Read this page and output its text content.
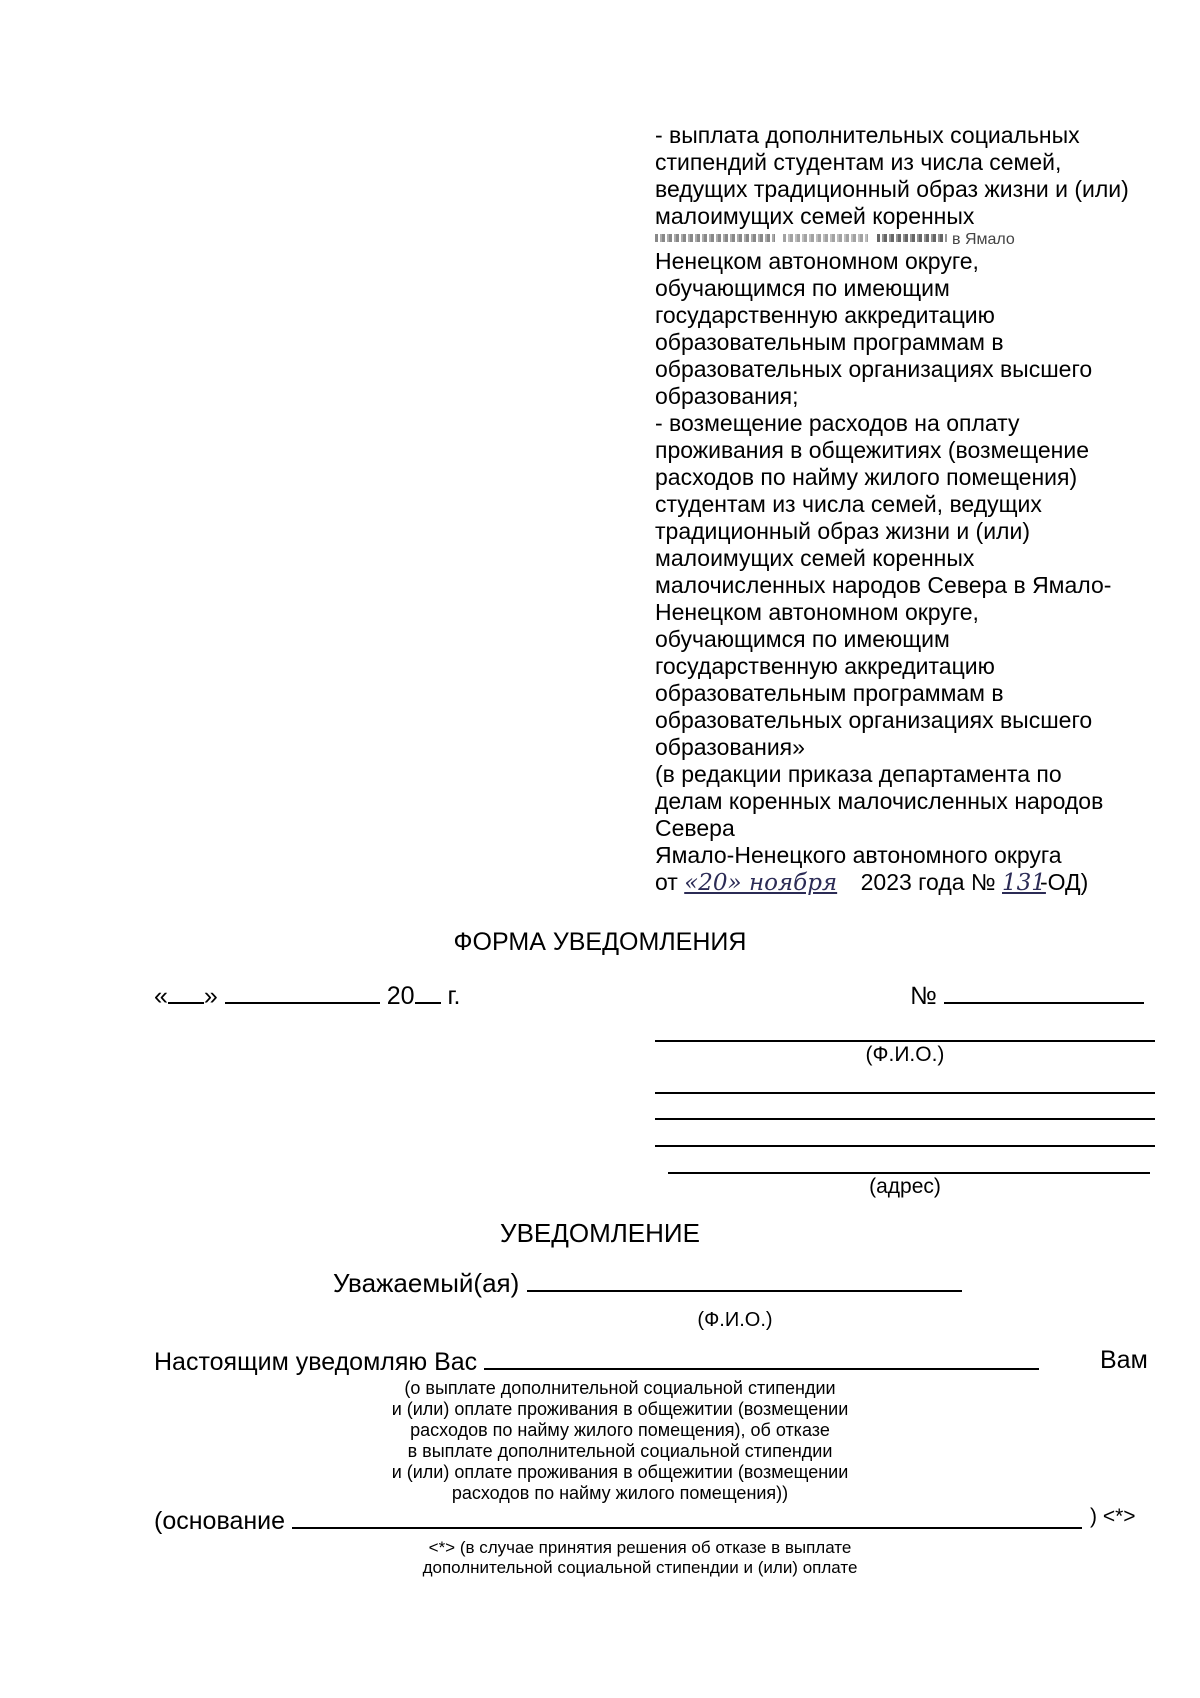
- выплата дополнительных социальных
стипендий студентам из числа семей,
ведущих традиционный образ жизни и (или)
малоимущих семей коренных
в Ямало
Ненецком автономном округе,
обучающимся по имеющим
государственную аккредитацию
образовательным программам в
образовательных организациях высшего
образования;
- возмещение расходов на оплату
проживания в общежитиях (возмещение
расходов по найму жилого помещения)
студентам из числа семей, ведущих
традиционный образ жизни и (или)
малоимущих семей коренных
малочисленных народов Севера в Ямало-
Ненецком автономном округе,
обучающимся по имеющим
государственную аккредитацию
образовательным программам в
образовательных организациях высшего
образования»
(в редакции приказа департамента по
делам коренных малочисленных народов
Севера
Ямало-Ненецкого автономного округа
от «20» ноября 2023 года № 131-ОД)
ФОРМА УВЕДОМЛЕНИЯ
« »	20 г.	№
(Ф.И.О.)
(адрес)
УВЕДОМЛЕНИЕ
Уважаемый(ая)
(Ф.И.О.)
Настоящим уведомляю Вас	Вам
(о выплате дополнительной социальной стипендии
и (или) оплате проживания в общежитии (возмещении
расходов по найму жилого помещения), об отказе
в выплате дополнительной социальной стипендии
и (или) оплате проживания в общежитии (возмещении
расходов по найму жилого помещения))
(основание	) <*>
<*> (в случае принятия решения об отказе в выплате
дополнительной социальной стипендии и (или) оплате
